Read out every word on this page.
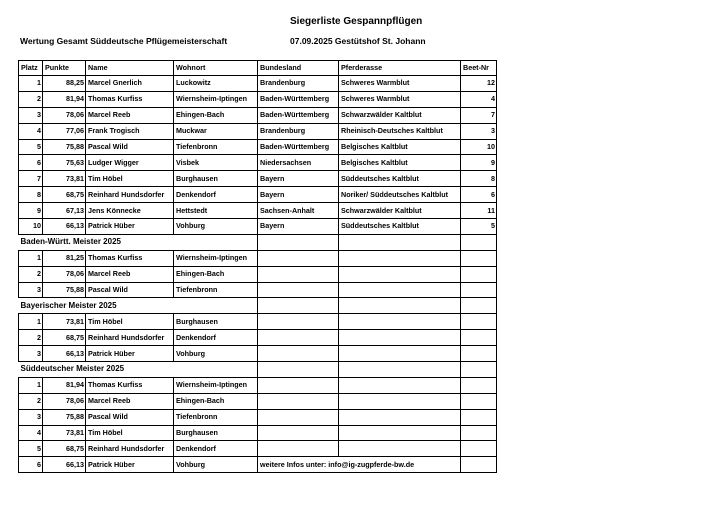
Siegerliste Gespannpflügen
Wertung Gesamt Süddeutsche Pflügemeisterschaft	07.09.2025 Gestütshof St. Johann
Platz	Punkte	Name	Wohnort	Bundesland	Pferderasse	Beet-Nr
1	88,25	Marcel Gnerlich	Luckowitz	Brandenburg	Schweres Warmblut	12
2	81,94	Thomas Kurfiss	Wiernsheim-Iptingen	Baden-Württemberg	Schweres Warmblut	4
3	78,06	Marcel Reeb	Ehingen-Bach	Baden-Württemberg	Schwarzwälder Kaltblut	7
4	77,06	Frank Trogisch	Muckwar	Brandenburg	Rheinisch-Deutsches Kaltblut	3
5	75,88	Pascal Wild	Tiefenbronn	Baden-Württemberg	Belgisches Kaltblut	10
6	75,63	Ludger Wigger	Visbek	Niedersachsen	Belgisches Kaltblut	9
7	73,81	Tim Höbel	Burghausen	Bayern	Süddeutsches Kaltblut	8
8	68,75	Reinhard Hundsdorfer	Denkendorf	Bayern	Noriker/ Süddeutsches Kaltblut	6
9	67,13	Jens Könnecke	Hettstedt	Sachsen-Anhalt	Schwarzwälder Kaltblut	11
10	66,13	Patrick Hüber	Vohburg	Bayern	Süddeutsches Kaltblut	5
Baden-Württ. Meister 2025						
1	81,25	Thomas Kurfiss	Wiernsheim-Iptingen			
2	78,06	Marcel Reeb	Ehingen-Bach			
3	75,88	Pascal Wild	Tiefenbronn			
Bayerischer Meister 2025						
1	73,81	Tim Höbel	Burghausen			
2	68,75	Reinhard Hundsdorfer	Denkendorf			
3	66,13	Patrick Hüber	Vohburg			
Süddeutscher Meister 2025						
1	81,94	Thomas Kurfiss	Wiernsheim-Iptingen			
2	78,06	Marcel Reeb	Ehingen-Bach			
3	75,88	Pascal Wild	Tiefenbronn			
4	73,81	Tim Höbel	Burghausen			
5	68,75	Reinhard Hundsdorfer	Denkendorf			
6	66,13	Patrick Hüber	Vohburg	weitere Infos unter: info@ig-zugpferde-bw.de		
